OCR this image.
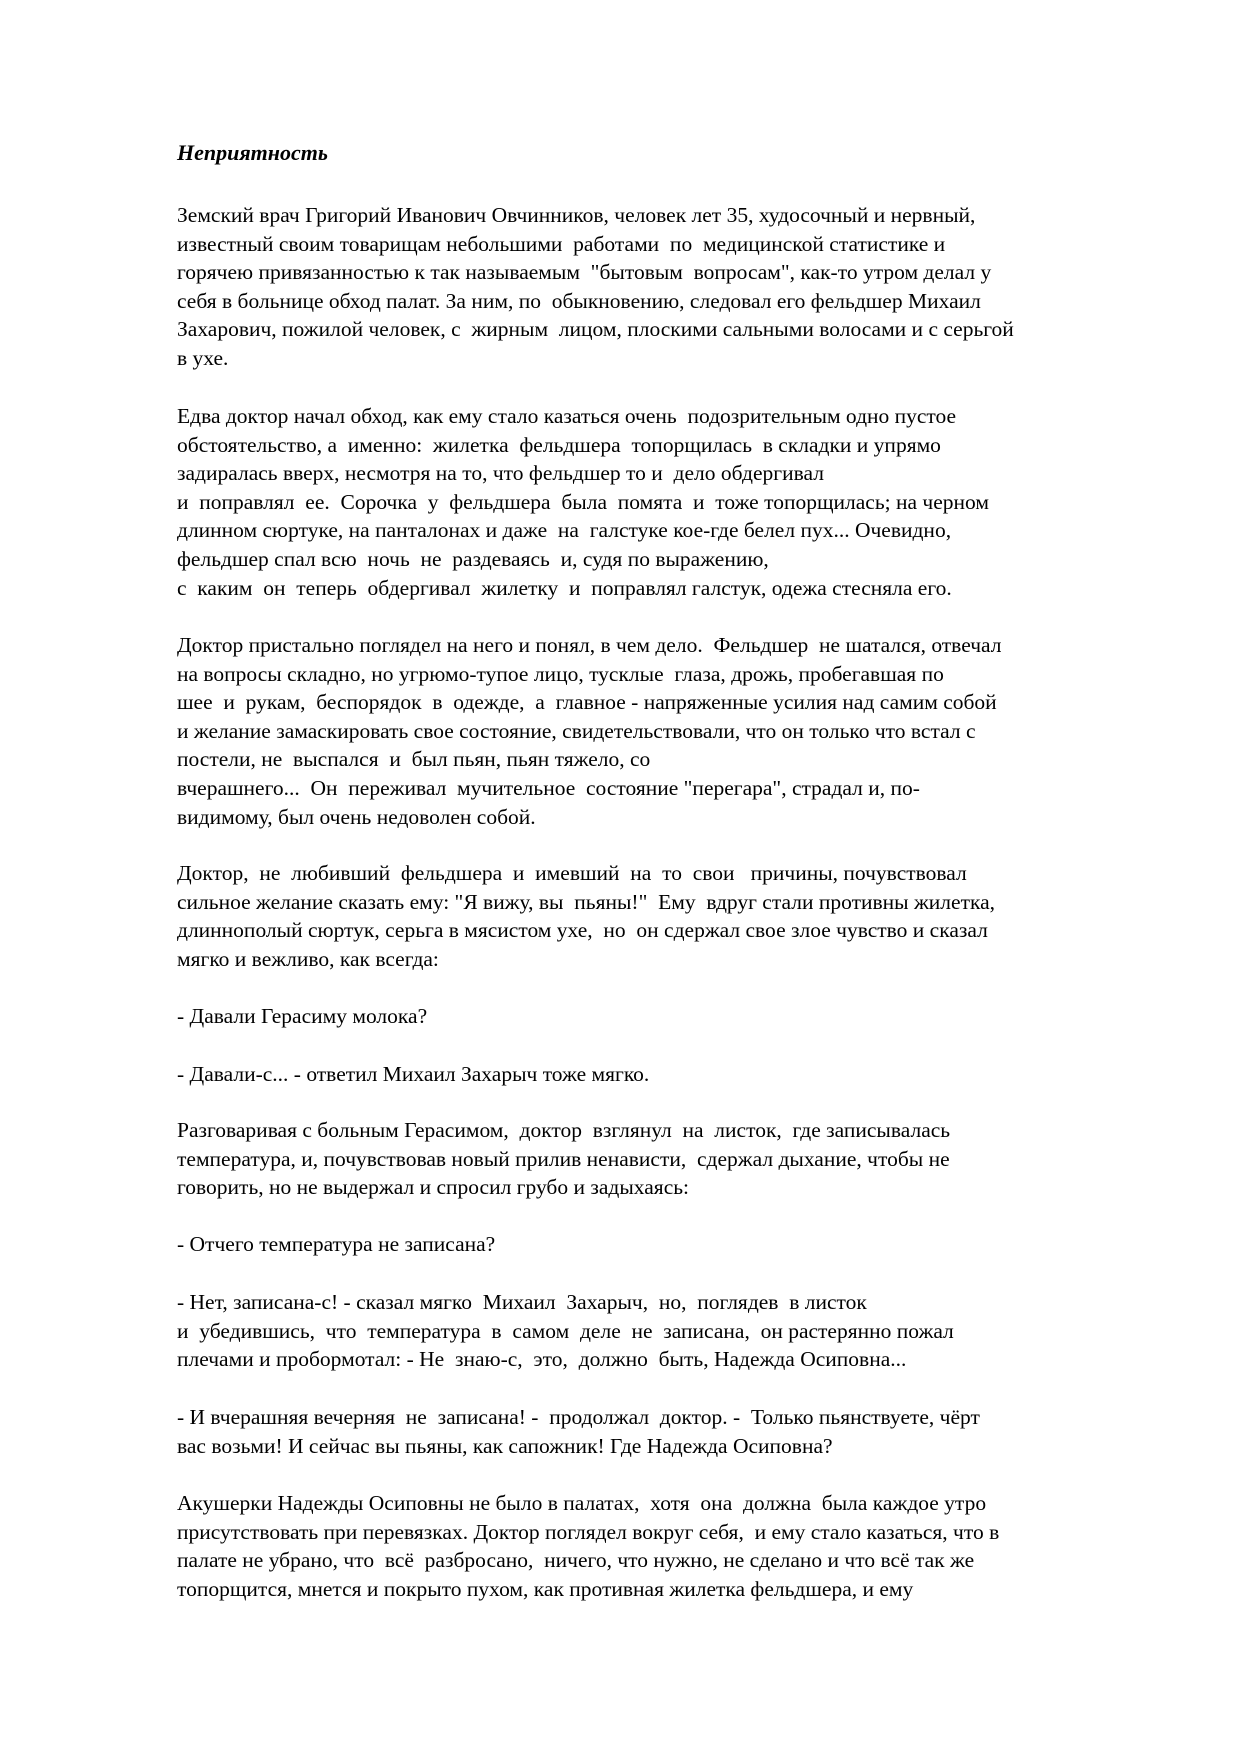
Неприятность

Земский врач Григорий Иванович Овчинников, человек лет 35, худосочный и нервный,
известный своим товарищам небольшими  работами  по  медицинской статистике и
горячею привязанностью к так называемым  "бытовым  вопросам", как-то утром делал у
себя в больнице обход палат. За ним, по  обыкновению, следовал его фельдшер Михаил
Захарович, пожилой человек, с  жирным  лицом, плоскими сальными волосами и с серьгой
в ухе.

Едва доктор начал обход, как ему стало казаться очень  подозрительным одно пустое
обстоятельство, а  именно:  жилетка  фельдшера  топорщилась  в складки и упрямо
задиралась вверх, несмотря на то, что фельдшер то и  дело обдергивал
и  поправлял  ее.  Сорочка  у  фельдшера  была  помята  и  тоже топорщилась; на черном
длинном сюртуке, на панталонах и даже  на  галстуке кое-где белел пух... Очевидно,
фельдшер спал всю  ночь  не  раздеваясь  и, судя по выражению,
с  каким  он  теперь  обдергивал  жилетку  и  поправлял галстук, одежа стесняла его.

Доктор пристально поглядел на него и понял, в чем дело.  Фельдшер  не шатался, отвечал
на вопросы складно, но угрюмо-тупое лицо, тусклые  глаза, дрожь, пробегавшая по
шее  и  рукам,  беспорядок  в  одежде,  а  главное - напряженные усилия над самим собой
и желание замаскировать свое состояние, свидетельствовали, что он только что встал с
постели, не  выспался  и  был пьян, пьян тяжело, со
вчерашнего...  Он  переживал  мучительное  состояние "перегара", страдал и, по-
видимому, был очень недоволен собой.

Доктор,  не  любивший  фельдшера  и  имевший  на  то  свои   причины, почувствовал
сильное желание сказать ему: "Я вижу, вы  пьяны!"  Ему  вдруг стали противны жилетка,
длиннополый сюртук, серьга в мясистом ухе,  но  он сдержал свое злое чувство и сказал
мягко и вежливо, как всегда:

- Давали Герасиму молока?

- Давали-с... - ответил Михаил Захарыч тоже мягко.

Разговаривая с больным Герасимом,  доктор  взглянул  на  листок,  где записывалась
температура, и, почувствовав новый прилив ненависти,  сдержал дыхание, чтобы не
говорить, но не выдержал и спросил грубо и задыхаясь:

- Отчего температура не записана?

- Нет, записана-с! - сказал мягко  Михаил  Захарыч,  но,  поглядев  в листок
и  убедившись,  что  температура  в  самом  деле  не  записана,  он растерянно пожал
плечами и пробормотал: - Не  знаю-с,  это,  должно  быть, Надежда Осиповна...

- И вчерашняя вечерняя  не  записана! -  продолжал  доктор. -  Только пьянствуете, чёрт
вас возьми! И сейчас вы пьяны, как сапожник! Где Надежда Осиповна?

Акушерки Надежды Осиповны не было в палатах,  хотя  она  должна  была каждое утро
присутствовать при перевязках. Доктор поглядел вокруг себя,  и ему стало казаться, что в
палате не убрано, что  всё  разбросано,  ничего, что нужно, не сделано и что всё так же
топорщится, мнется и покрыто пухом, как противная жилетка фельдшера, и ему
